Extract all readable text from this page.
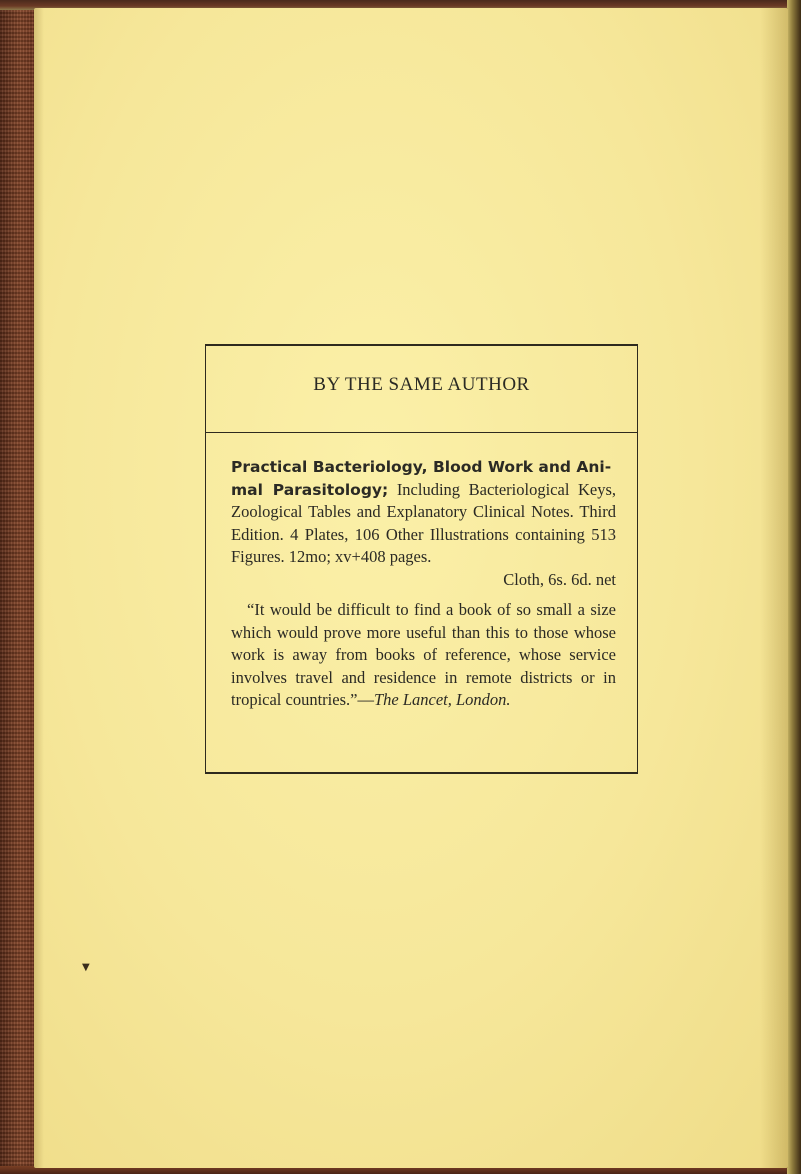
BY THE SAME AUTHOR

Practical Bacteriology, Blood Work and Ani-
mal Parasitology; Including Bacteriological Keys, Zoological Tables and Explanatory Clinical Notes. Third Edition. 4 Plates, 106 Other Illustrations containing 513 Figures. 12mo; xv+408 pages.

Cloth, 6s. 6d. net

“It would be difficult to find a book of so small a size which would prove more useful than this to those whose work is away from books of reference, whose service involves travel and residence in remote districts or in tropical countries.”—The Lancet, London.

▼
